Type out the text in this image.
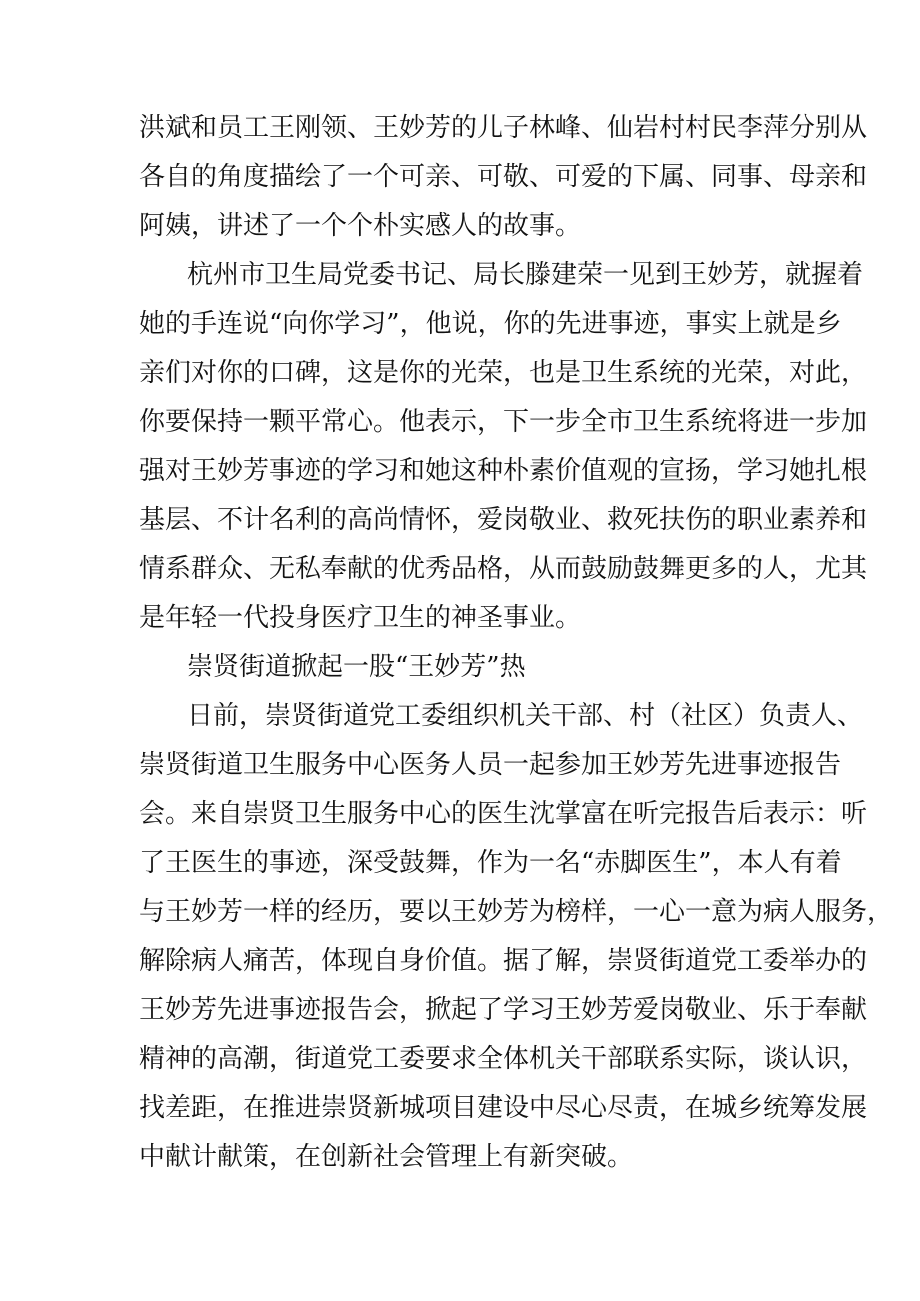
洪斌和员工王刚领、王妙芳的儿子林峰、仙岩村村民李萍分别从
各自的角度描绘了一个可亲、可敬、可爱的下属、同事、母亲和
阿姨，讲述了一个个朴实感人的故事。
杭州市卫生局党委书记、局长滕建荣一见到王妙芳，就握着
她的手连说“向你学习”，他说，你的先进事迹，事实上就是乡
亲们对你的口碑，这是你的光荣，也是卫生系统的光荣，对此，
你要保持一颗平常心。他表示，下一步全市卫生系统将进一步加
强对王妙芳事迹的学习和她这种朴素价值观的宣扬，学习她扎根
基层、不计名利的高尚情怀，爱岗敬业、救死扶伤的职业素养和
情系群众、无私奉献的优秀品格，从而鼓励鼓舞更多的人，尤其
是年轻一代投身医疗卫生的神圣事业。
崇贤街道掀起一股“王妙芳”热
日前，崇贤街道党工委组织机关干部、村（社区）负责人、
崇贤街道卫生服务中心医务人员一起参加王妙芳先进事迹报告
会。来自崇贤卫生服务中心的医生沈掌富在听完报告后表示：听
了王医生的事迹，深受鼓舞，作为一名“赤脚医生”，本人有着
与王妙芳一样的经历，要以王妙芳为榜样，一心一意为病人服务，
解除病人痛苦，体现自身价值。据了解，崇贤街道党工委举办的
王妙芳先进事迹报告会，掀起了学习王妙芳爱岗敬业、乐于奉献
精神的高潮，街道党工委要求全体机关干部联系实际，谈认识，
找差距，在推进崇贤新城项目建设中尽心尽责，在城乡统筹发展
中献计献策，在创新社会管理上有新突破。
